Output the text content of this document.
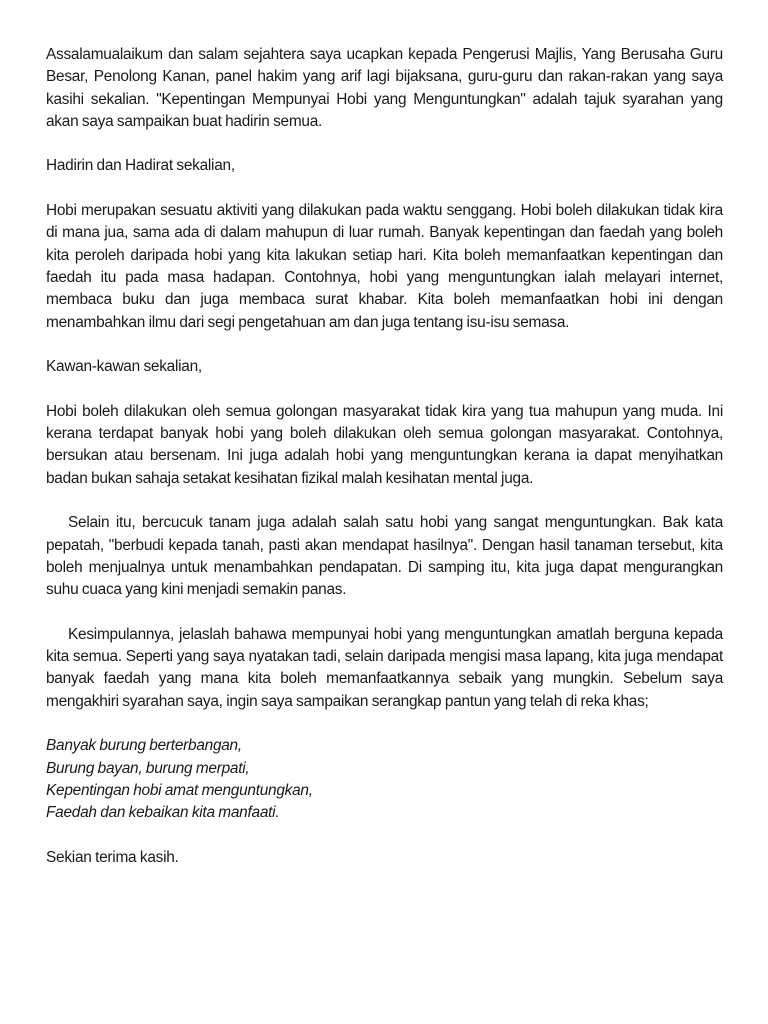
Assalamualaikum dan salam sejahtera saya ucapkan kepada Pengerusi Majlis, Yang Berusaha Guru Besar, Penolong Kanan, panel hakim yang arif lagi bijaksana, guru-guru dan rakan-rakan yang saya kasihi sekalian. "Kepentingan Mempunyai Hobi yang Menguntungkan" adalah tajuk syarahan yang akan saya sampaikan buat hadirin semua.

Hadirin dan Hadirat sekalian,

Hobi merupakan sesuatu aktiviti yang dilakukan pada waktu senggang. Hobi boleh dilakukan tidak kira di mana jua, sama ada di dalam mahupun di luar rumah. Banyak kepentingan dan faedah yang boleh kita peroleh daripada hobi yang kita lakukan setiap hari. Kita boleh memanfaatkan kepentingan dan faedah itu pada masa hadapan. Contohnya, hobi yang menguntungkan ialah melayari internet, membaca buku dan juga membaca surat khabar. Kita boleh memanfaatkan hobi ini dengan menambahkan ilmu dari segi pengetahuan am dan juga tentang isu-isu semasa.

Kawan-kawan sekalian,

Hobi boleh dilakukan oleh semua golongan masyarakat tidak kira yang tua mahupun yang muda. Ini kerana terdapat banyak hobi yang boleh dilakukan oleh semua golongan masyarakat. Contohnya, bersukan atau bersenam. Ini juga adalah hobi yang menguntungkan kerana ia dapat menyihatkan badan bukan sahaja setakat kesihatan fizikal malah kesihatan mental juga.

Selain itu, bercucuk tanam juga adalah salah satu hobi yang sangat menguntungkan. Bak kata pepatah, "berbudi kepada tanah, pasti akan mendapat hasilnya". Dengan hasil tanaman tersebut, kita boleh menjualnya untuk menambahkan pendapatan. Di samping itu, kita juga dapat mengurangkan suhu cuaca yang kini menjadi semakin panas.

Kesimpulannya, jelaslah bahawa mempunyai hobi yang menguntungkan amatlah berguna kepada kita semua. Seperti yang saya nyatakan tadi, selain daripada mengisi masa lapang, kita juga mendapat banyak faedah yang mana kita boleh memanfaatkannya sebaik yang mungkin. Sebelum saya mengakhiri syarahan saya, ingin saya sampaikan serangkap pantun yang telah di reka khas;

Banyak burung berterbangan,
Burung bayan, burung merpati,
Kepentingan hobi amat menguntungkan,
Faedah dan kebaikan kita manfaati.

Sekian terima kasih.
